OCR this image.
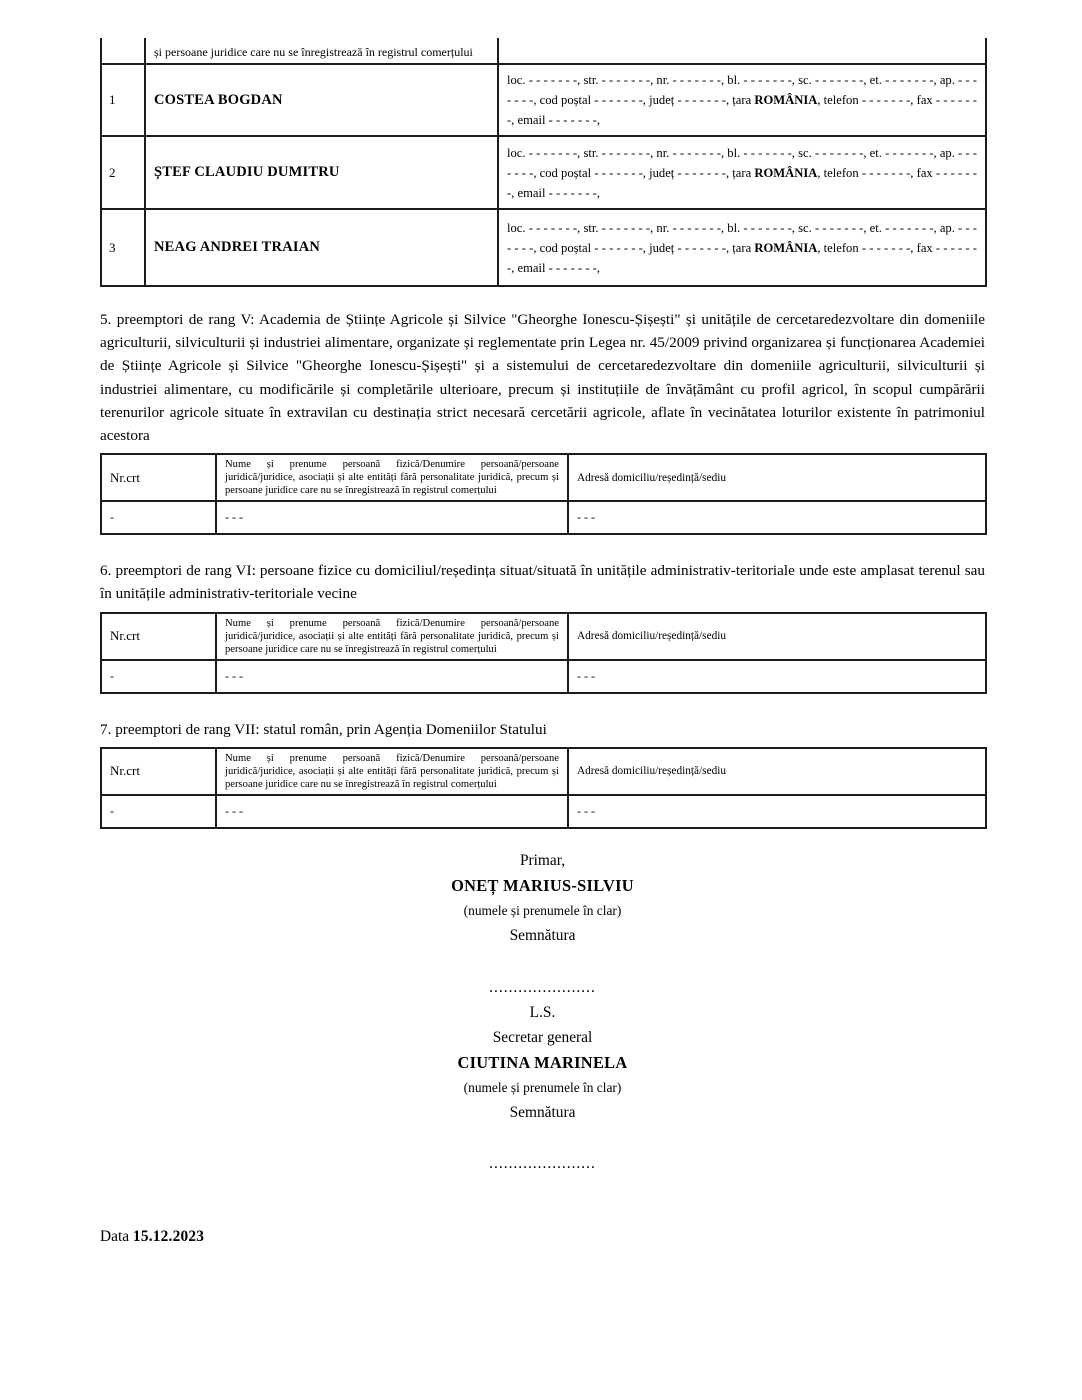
	și persoane juridice care nu se înregistrează în registrul comerțului	
1	COSTEA BOGDAN	loc. - - - - - - -, str. - - - - - - -, nr. - - - - - - -, bl. - - - - - - -, sc. - - - - - - -, et. - - - - - - -, ap. - - - - - - -, cod poștal - - - - - - -, județ - - - - - - -, țara ROMÂNIA, telefon - - - - - - -, fax - - - - - - -, email - - - - - - -,
2	ȘTEF CLAUDIU DUMITRU	loc. - - - - - - -, str. - - - - - - -, nr. - - - - - - -, bl. - - - - - - -, sc. - - - - - - -, et. - - - - - - -, ap. - - - - - - -, cod poștal - - - - - - -, județ - - - - - - -, țara ROMÂNIA, telefon - - - - - - -, fax - - - - - - -, email - - - - - - -,
3	NEAG ANDREI TRAIAN	loc. - - - - - - -, str. - - - - - - -, nr. - - - - - - -, bl. - - - - - - -, sc. - - - - - - -, et. - - - - - - -, ap. - - - - - - -, cod poștal - - - - - - -, județ - - - - - - -, țara ROMÂNIA, telefon - - - - - - -, fax - - - - - - -, email - - - - - - -,

5. preemptori de rang V: Academia de Științe Agricole și Silvice "Gheorghe Ionescu-Șișești" și unitățile de cercetaredezvoltare din domeniile agriculturii, silviculturii și industriei alimentare, organizate și reglementate prin Legea nr. 45/2009 privind organizarea și funcționarea Academiei de Științe Agricole și Silvice "Gheorghe Ionescu-Șișești" și a sistemului de cercetaredezvoltare din domeniile agriculturii, silviculturii și industriei alimentare, cu modificările și completările ulterioare, precum și instituțiile de învățământ cu profil agricol, în scopul cumpărării terenurilor agricole situate în extravilan cu destinația strict necesară cercetării agricole, aflate în vecinătatea loturilor existente în patrimoniul acestora

Nr.crt	Nume și prenume persoană fizică/Denumire persoană/persoane juridică/juridice, asociații și alte entități fără personalitate juridică, precum și persoane juridice care nu se înregistrează în registrul comerțului	Adresă domiciliu/reședință/sediu
-	- - -	- - -

6. preemptori de rang VI: persoane fizice cu domiciliul/reședința situat/situată în unitățile administrativ-teritoriale unde este amplasat terenul sau în unitățile administrativ-teritoriale vecine

Nr.crt	Nume și prenume persoană fizică/Denumire persoană/persoane juridică/juridice, asociații și alte entități fără personalitate juridică, precum și persoane juridice care nu se înregistrează în registrul comerțului	Adresă domiciliu/reședință/sediu
-	- - -	- - -

7. preemptori de rang VII: statul român, prin Agenția Domeniilor Statului

Nr.crt	Nume și prenume persoană fizică/Denumire persoană/persoane juridică/juridice, asociații și alte entități fără personalitate juridică, precum și persoane juridice care nu se înregistrează în registrul comerțului	Adresă domiciliu/reședință/sediu
-	- - -	- - -
Primar,
ONEȚ MARIUS-SILVIU
(numele și prenumele în clar)
Semnătura
......................
L.S.
Secretar general
CIUTINA MARINELA
(numele și prenumele în clar)
Semnătura
......................
Data 15.12.2023
